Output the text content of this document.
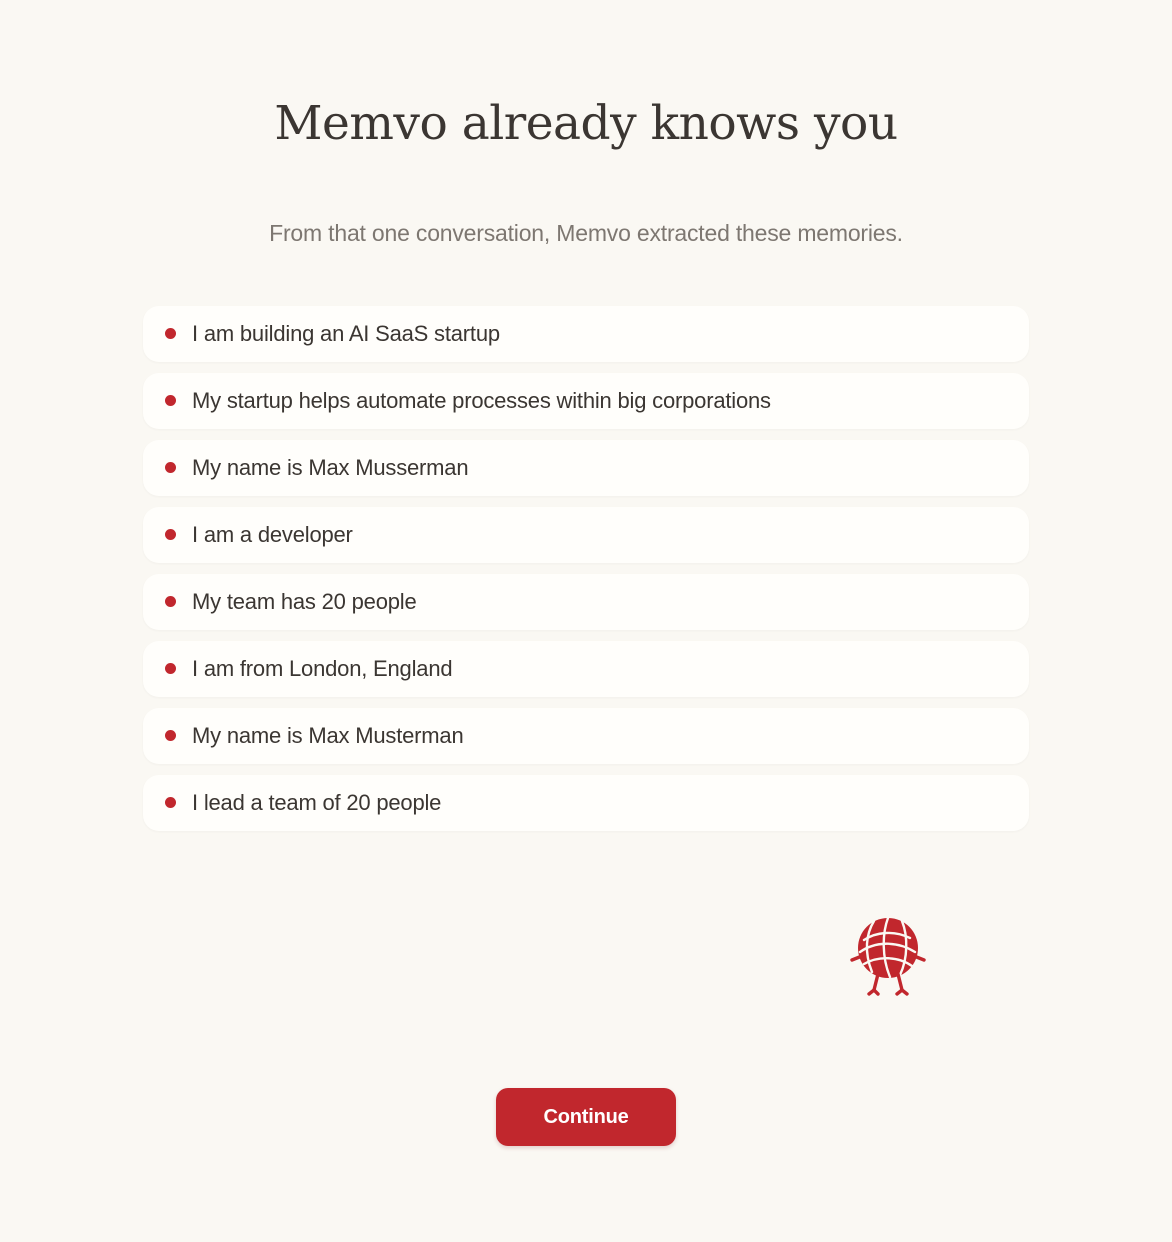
Memvo already knows you

From that one conversation, Memvo extracted these memories.

I am building an AI SaaS startup
My startup helps automate processes within big corporations
My name is Max Musserman
I am a developer
My team has 20 people
I am from London, England
My name is Max Musterman
I lead a team of 20 people
Continue
